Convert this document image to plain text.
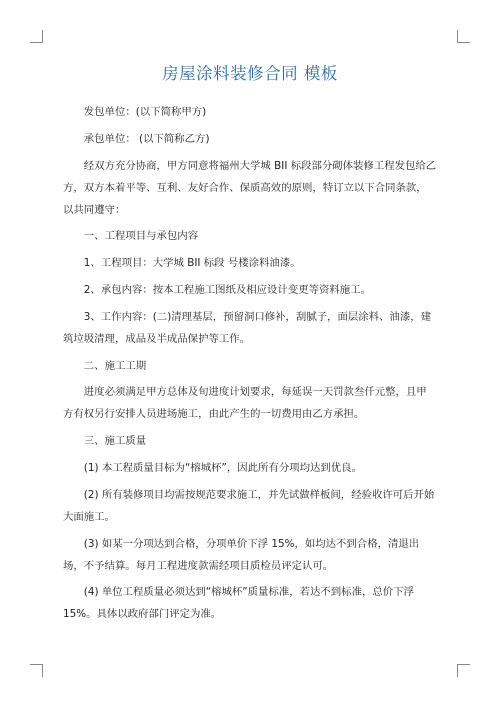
房屋涂料装修合同 模板

发包单位：(以下简称甲方)

承包单位： (以下简称乙方)

经双方充分协商，甲方同意将福州大学城 BII 标段部分砌体装修工程发包给乙方，双方本着平等、互利、友好合作、保质高效的原则，特订立以下合同条款，以共同遵守：

一、工程项目与承包内容

1、工程项目：大学城 BII 标段 号楼涂料油漆。

2、承包内容：按本工程施工图纸及相应设计变更等资料施工。

3、工作内容：(二)清理基层，预留洞口修补，刮腻子，面层涂料、油漆，建筑垃圾清理，成品及半成品保护等工作。

二、施工工期

进度必须满足甲方总体及旬进度计划要求，每延误一天罚款叁仟元整，且甲方有权另行安排人员进场施工，由此产生的一切费用由乙方承担。

三、施工质量

(1) 本工程质量目标为“榕城杯”，因此所有分项均达到优良。

(2) 所有装修项目均需按规范要求施工，并先试做样板间，经验收许可后开始大面施工。

(3) 如某一分项达到合格，分项单价下浮 15%，如均达不到合格，清退出场，不予结算。每月工程进度款需经项目质检员评定认可。

(4) 单位工程质量必须达到“榕城杯”质量标准，若达不到标准，总价下浮 15%。具体以政府部门评定为准。
